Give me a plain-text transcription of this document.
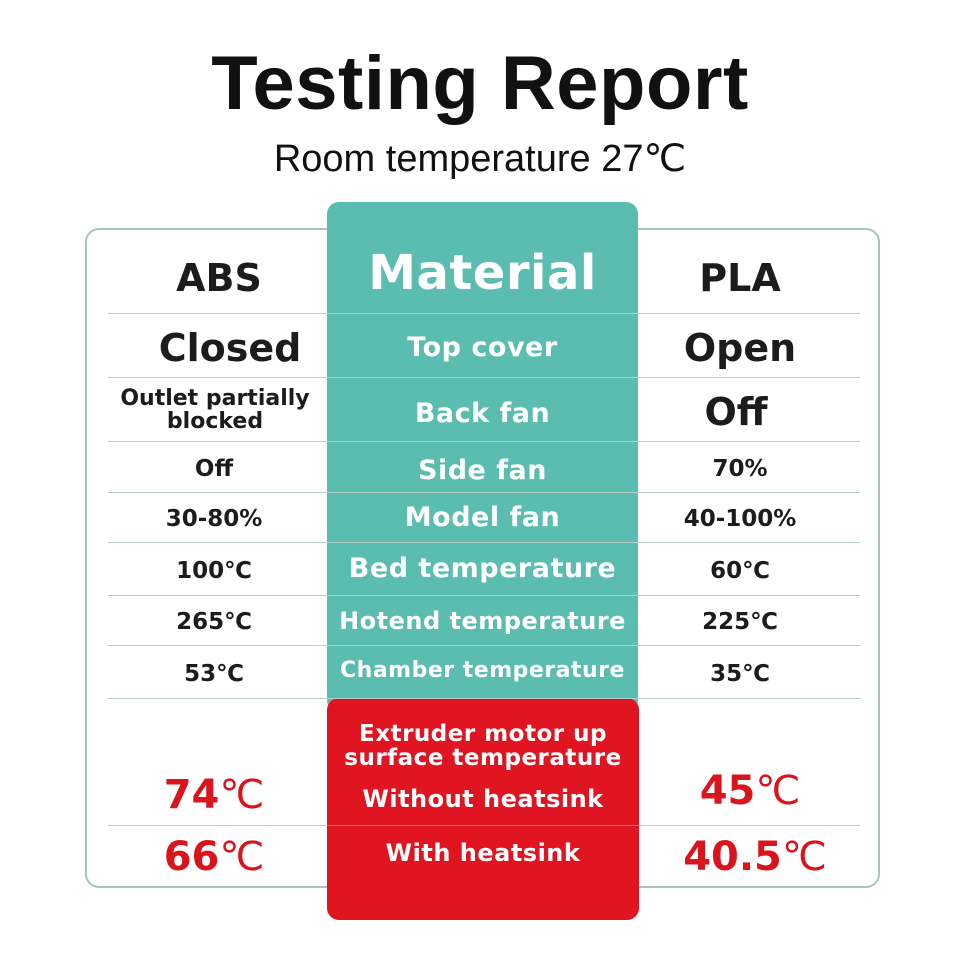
Testing Report
Room temperature 27℃
ABS	Material	PLA
Closed	Top cover	Open
Outlet partially
blocked	Back fan	Off
Off	Side fan	70%
30-80%	Model fan	40-100%
100℃	Bed temperature	60℃
265℃	Hotend temperature	225℃
53℃	Chamber temperature	35℃
Extruder motor up
surface temperature
74 ℃	Without heatsink	45 ℃
66 ℃	With heatsink	40.5 ℃
